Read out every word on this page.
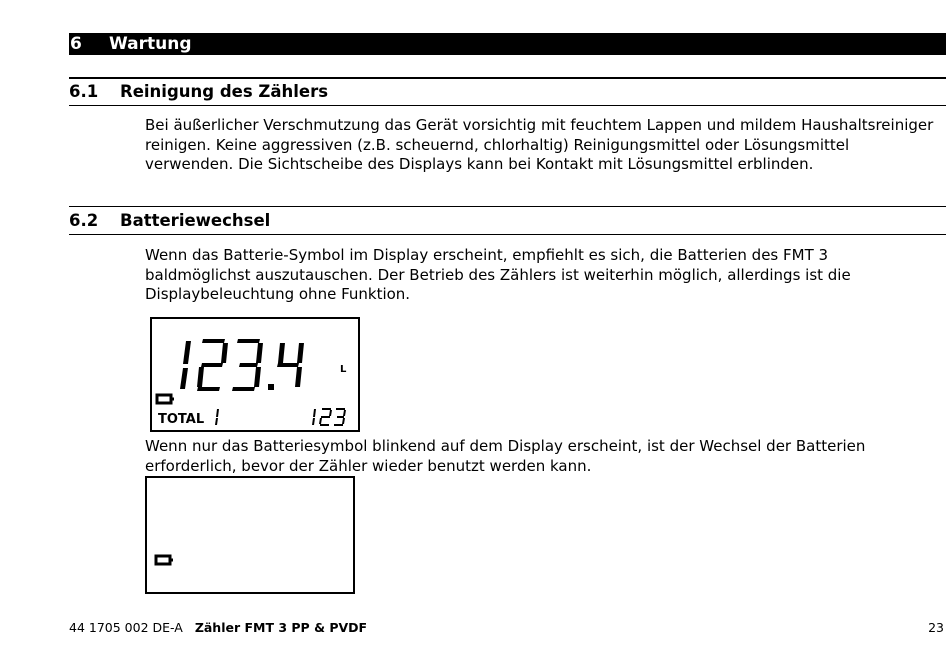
6 Wartung
6.1 Reinigung des Zählers
Bei äußerlicher Verschmutzung das Gerät vorsichtig mit feuchtem Lappen und mildem Haushaltsreiniger reinigen. Keine aggressiven (z.B. scheuernd, chlorhaltig) Reinigungsmittel oder Lösungsmittel verwenden. Die Sichtscheibe des Displays kann bei Kontakt mit Lösungsmittel erblinden.
6.2 Batteriewechsel
Wenn das Batterie-Symbol im Display erscheint, empfiehlt es sich, die Batterien des FMT 3 baldmöglichst auszutauschen. Der Betrieb des Zählers ist weiterhin möglich, allerdings ist die Displaybeleuchtung ohne Funktion.
L
TOTAL
Wenn nur das Batteriesymbol blinkend auf dem Display erscheint, ist der Wechsel der Batterien erforderlich, bevor der Zähler wieder benutzt werden kann.
44 1705 002 DE-A Zähler FMT 3 PP & PVDF	23
